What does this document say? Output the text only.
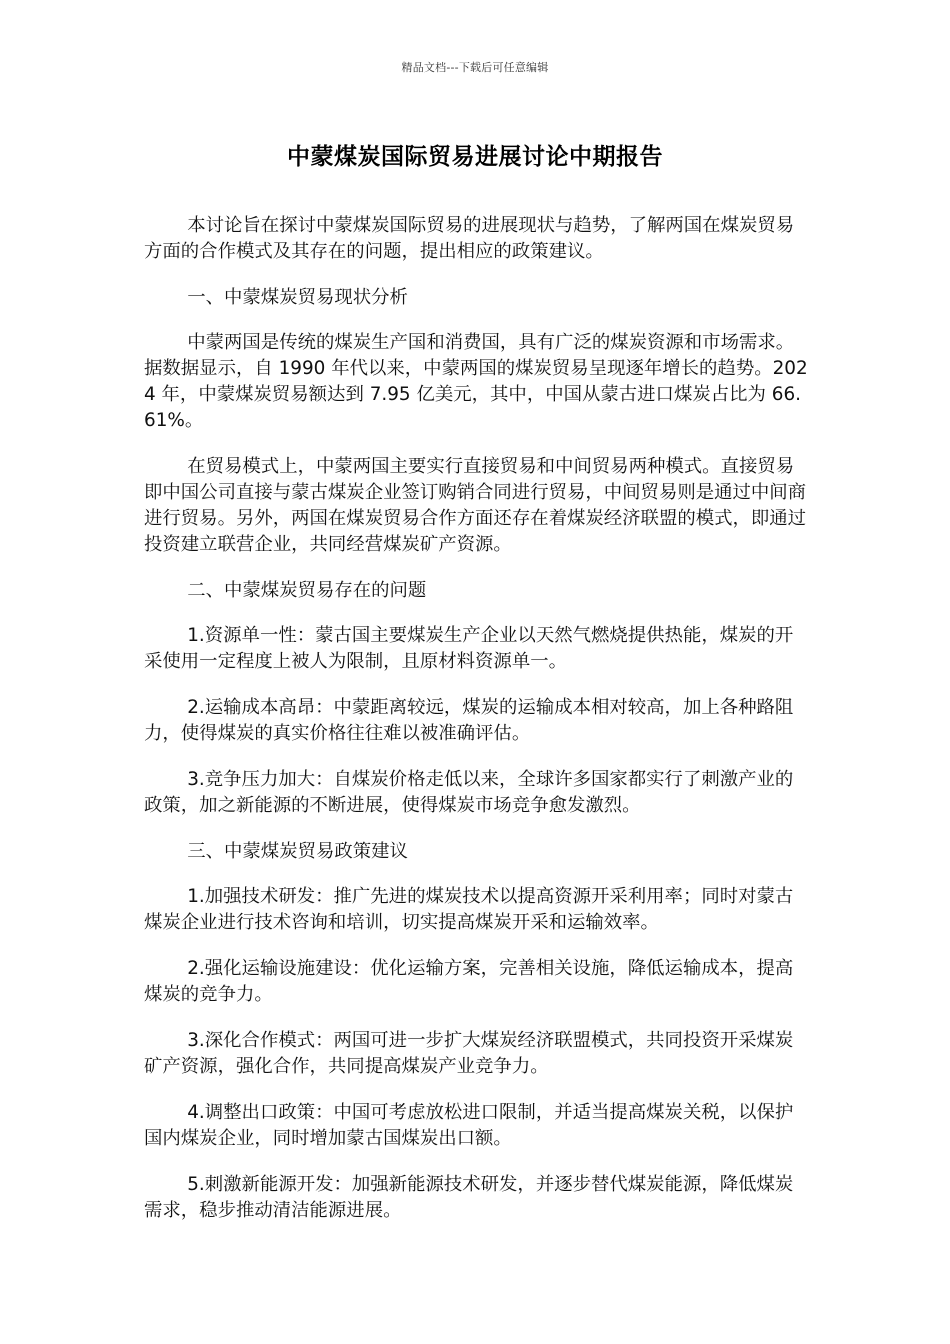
精品文档---下载后可任意编辑
中蒙煤炭国际贸易进展讨论中期报告

本讨论旨在探讨中蒙煤炭国际贸易的进展现状与趋势，了解两国在煤炭贸易方面的合作模式及其存在的问题，提出相应的政策建议。

一、中蒙煤炭贸易现状分析

中蒙两国是传统的煤炭生产国和消费国，具有广泛的煤炭资源和市场需求。据数据显示，自 1990 年代以来，中蒙两国的煤炭贸易呈现逐年增长的趋势。2024 年，中蒙煤炭贸易额达到 7.95 亿美元，其中，中国从蒙古进口煤炭占比为 66.61%。

在贸易模式上，中蒙两国主要实行直接贸易和中间贸易两种模式。直接贸易即中国公司直接与蒙古煤炭企业签订购销合同进行贸易，中间贸易则是通过中间商进行贸易。另外，两国在煤炭贸易合作方面还存在着煤炭经济联盟的模式，即通过投资建立联营企业，共同经营煤炭矿产资源。

二、中蒙煤炭贸易存在的问题

1.资源单一性：蒙古国主要煤炭生产企业以天然气燃烧提供热能，煤炭的开采使用一定程度上被人为限制，且原材料资源单一。

2.运输成本高昂：中蒙距离较远，煤炭的运输成本相对较高，加上各种路阻力，使得煤炭的真实价格往往难以被准确评估。

3.竞争压力加大：自煤炭价格走低以来，全球许多国家都实行了刺激产业的政策，加之新能源的不断进展，使得煤炭市场竞争愈发激烈。

三、中蒙煤炭贸易政策建议

1.加强技术研发：推广先进的煤炭技术以提高资源开采利用率；同时对蒙古煤炭企业进行技术咨询和培训，切实提高煤炭开采和运输效率。

2.强化运输设施建设：优化运输方案，完善相关设施，降低运输成本，提高煤炭的竞争力。

3.深化合作模式：两国可进一步扩大煤炭经济联盟模式，共同投资开采煤炭矿产资源，强化合作，共同提高煤炭产业竞争力。

4.调整出口政策：中国可考虑放松进口限制，并适当提高煤炭关税，以保护国内煤炭企业，同时增加蒙古国煤炭出口额。

5.刺激新能源开发：加强新能源技术研发，并逐步替代煤炭能源，降低煤炭需求，稳步推动清洁能源进展。
